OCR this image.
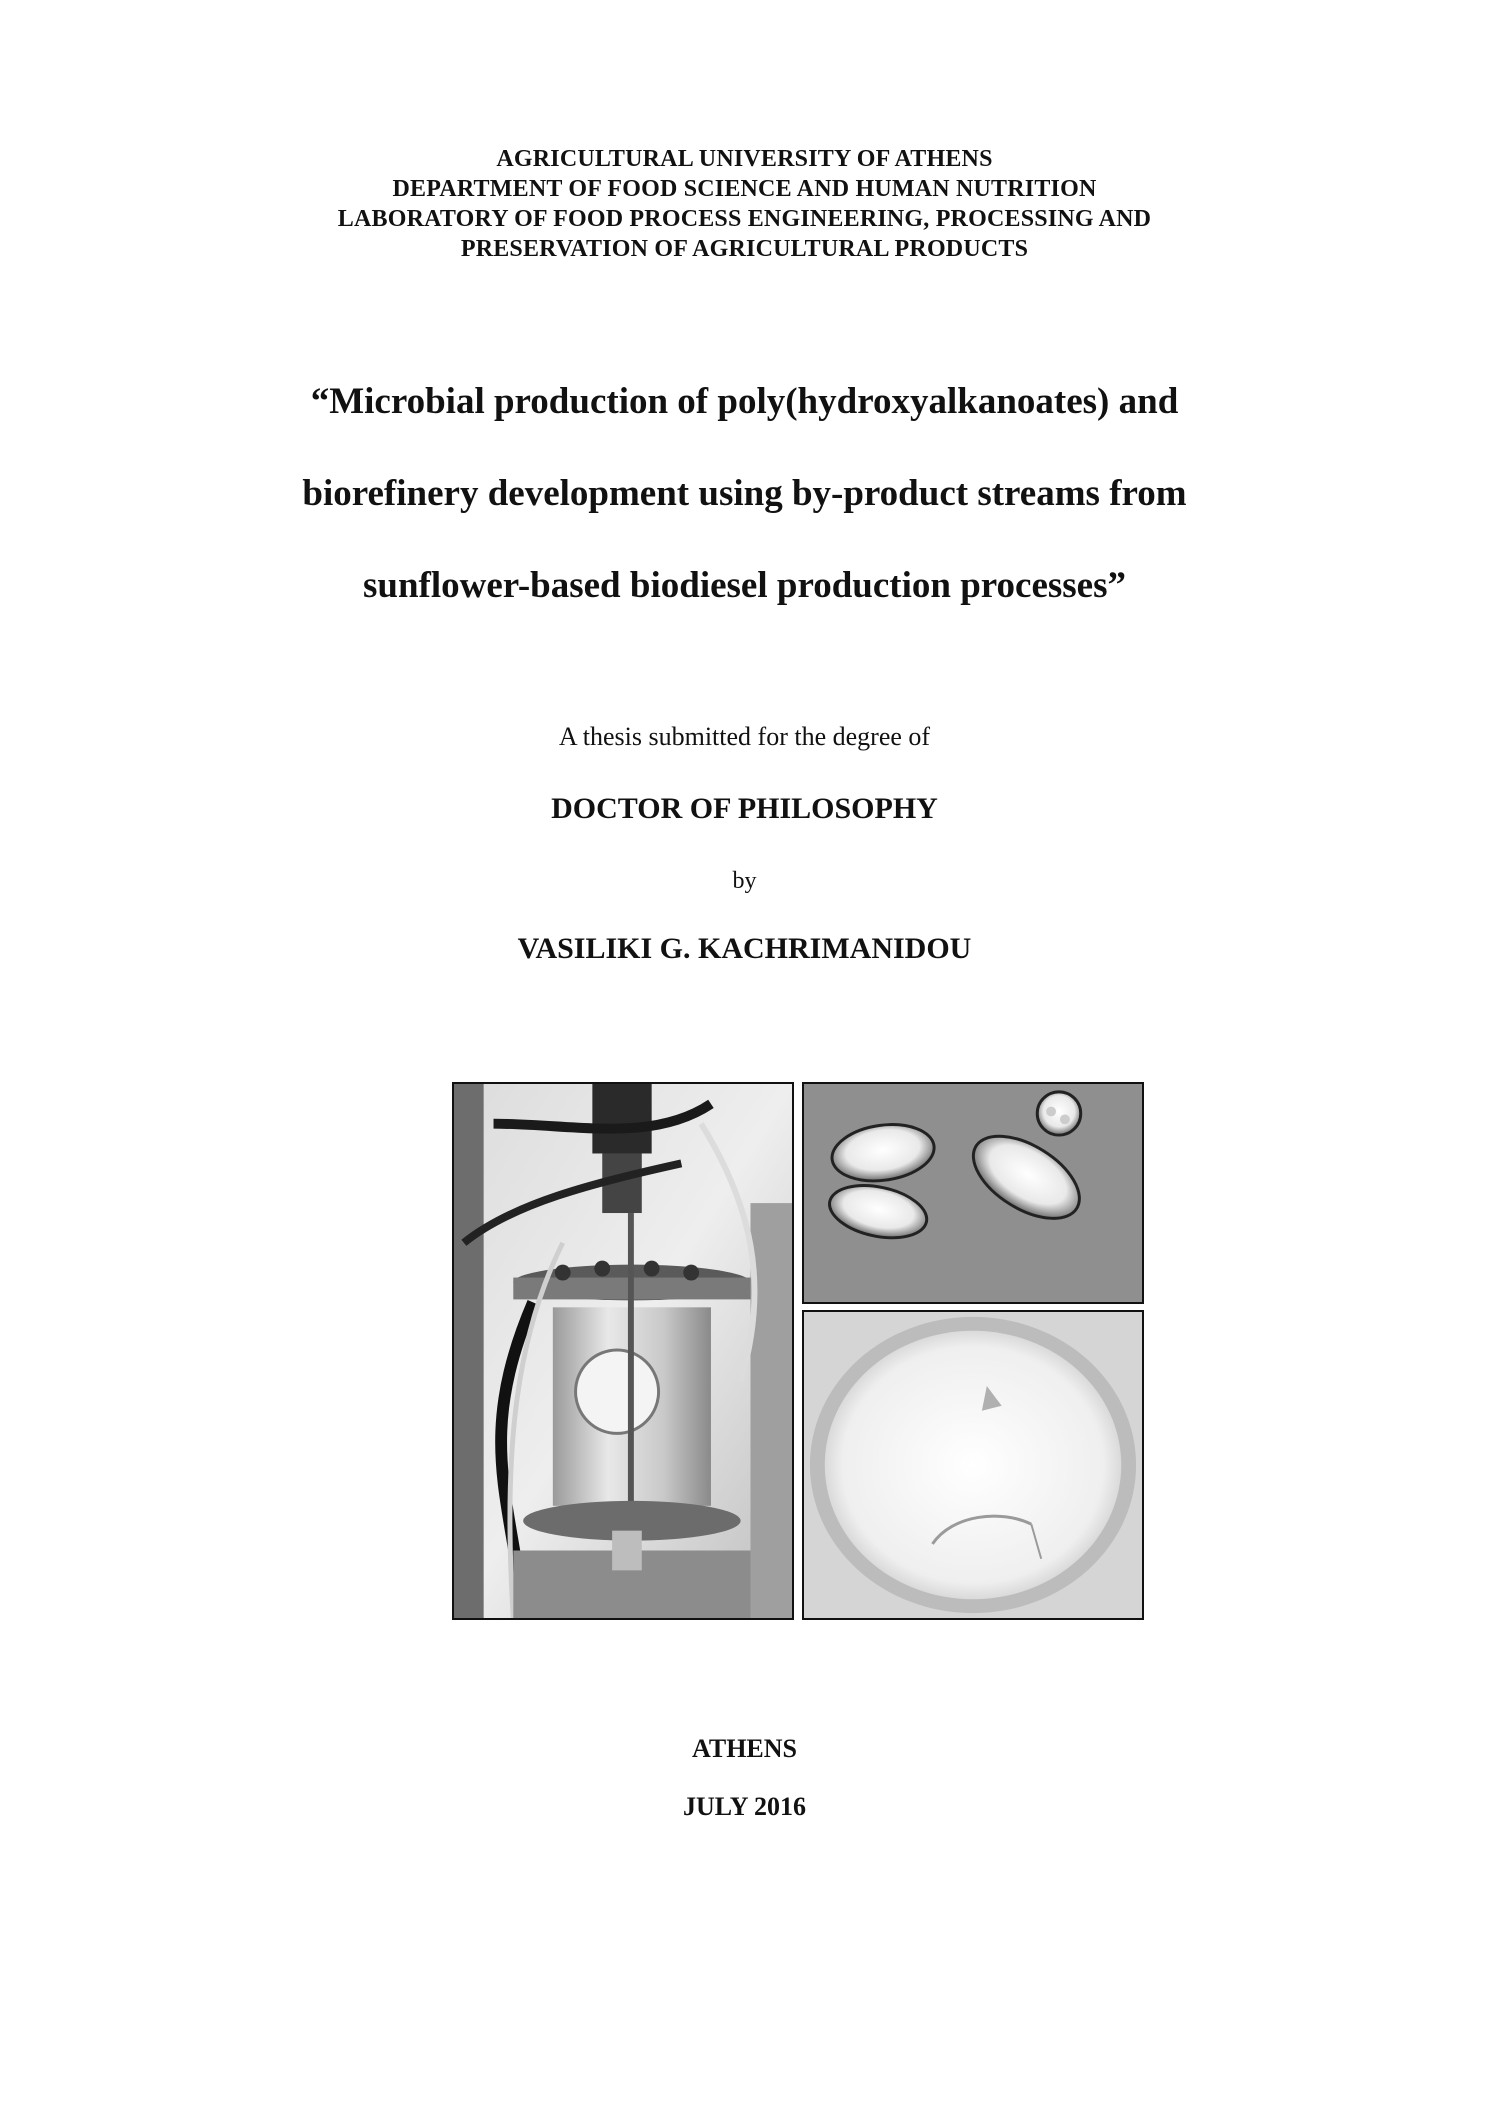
AGRICULTURAL UNIVERSITY OF ATHENS
DEPARTMENT OF FOOD SCIENCE AND HUMAN NUTRITION
LABORATORY OF FOOD PROCESS ENGINEERING, PROCESSING AND
PRESERVATION OF AGRICULTURAL PRODUCTS
“Microbial production of poly(hydroxyalkanoates) and
biorefinery development using by-product streams from
sunflower-based biodiesel production processes”
A thesis submitted for the degree of
DOCTOR OF PHILOSOPHY
by
VASILIKI G. KACHRIMANIDOU
ATHENS
JULY 2016
